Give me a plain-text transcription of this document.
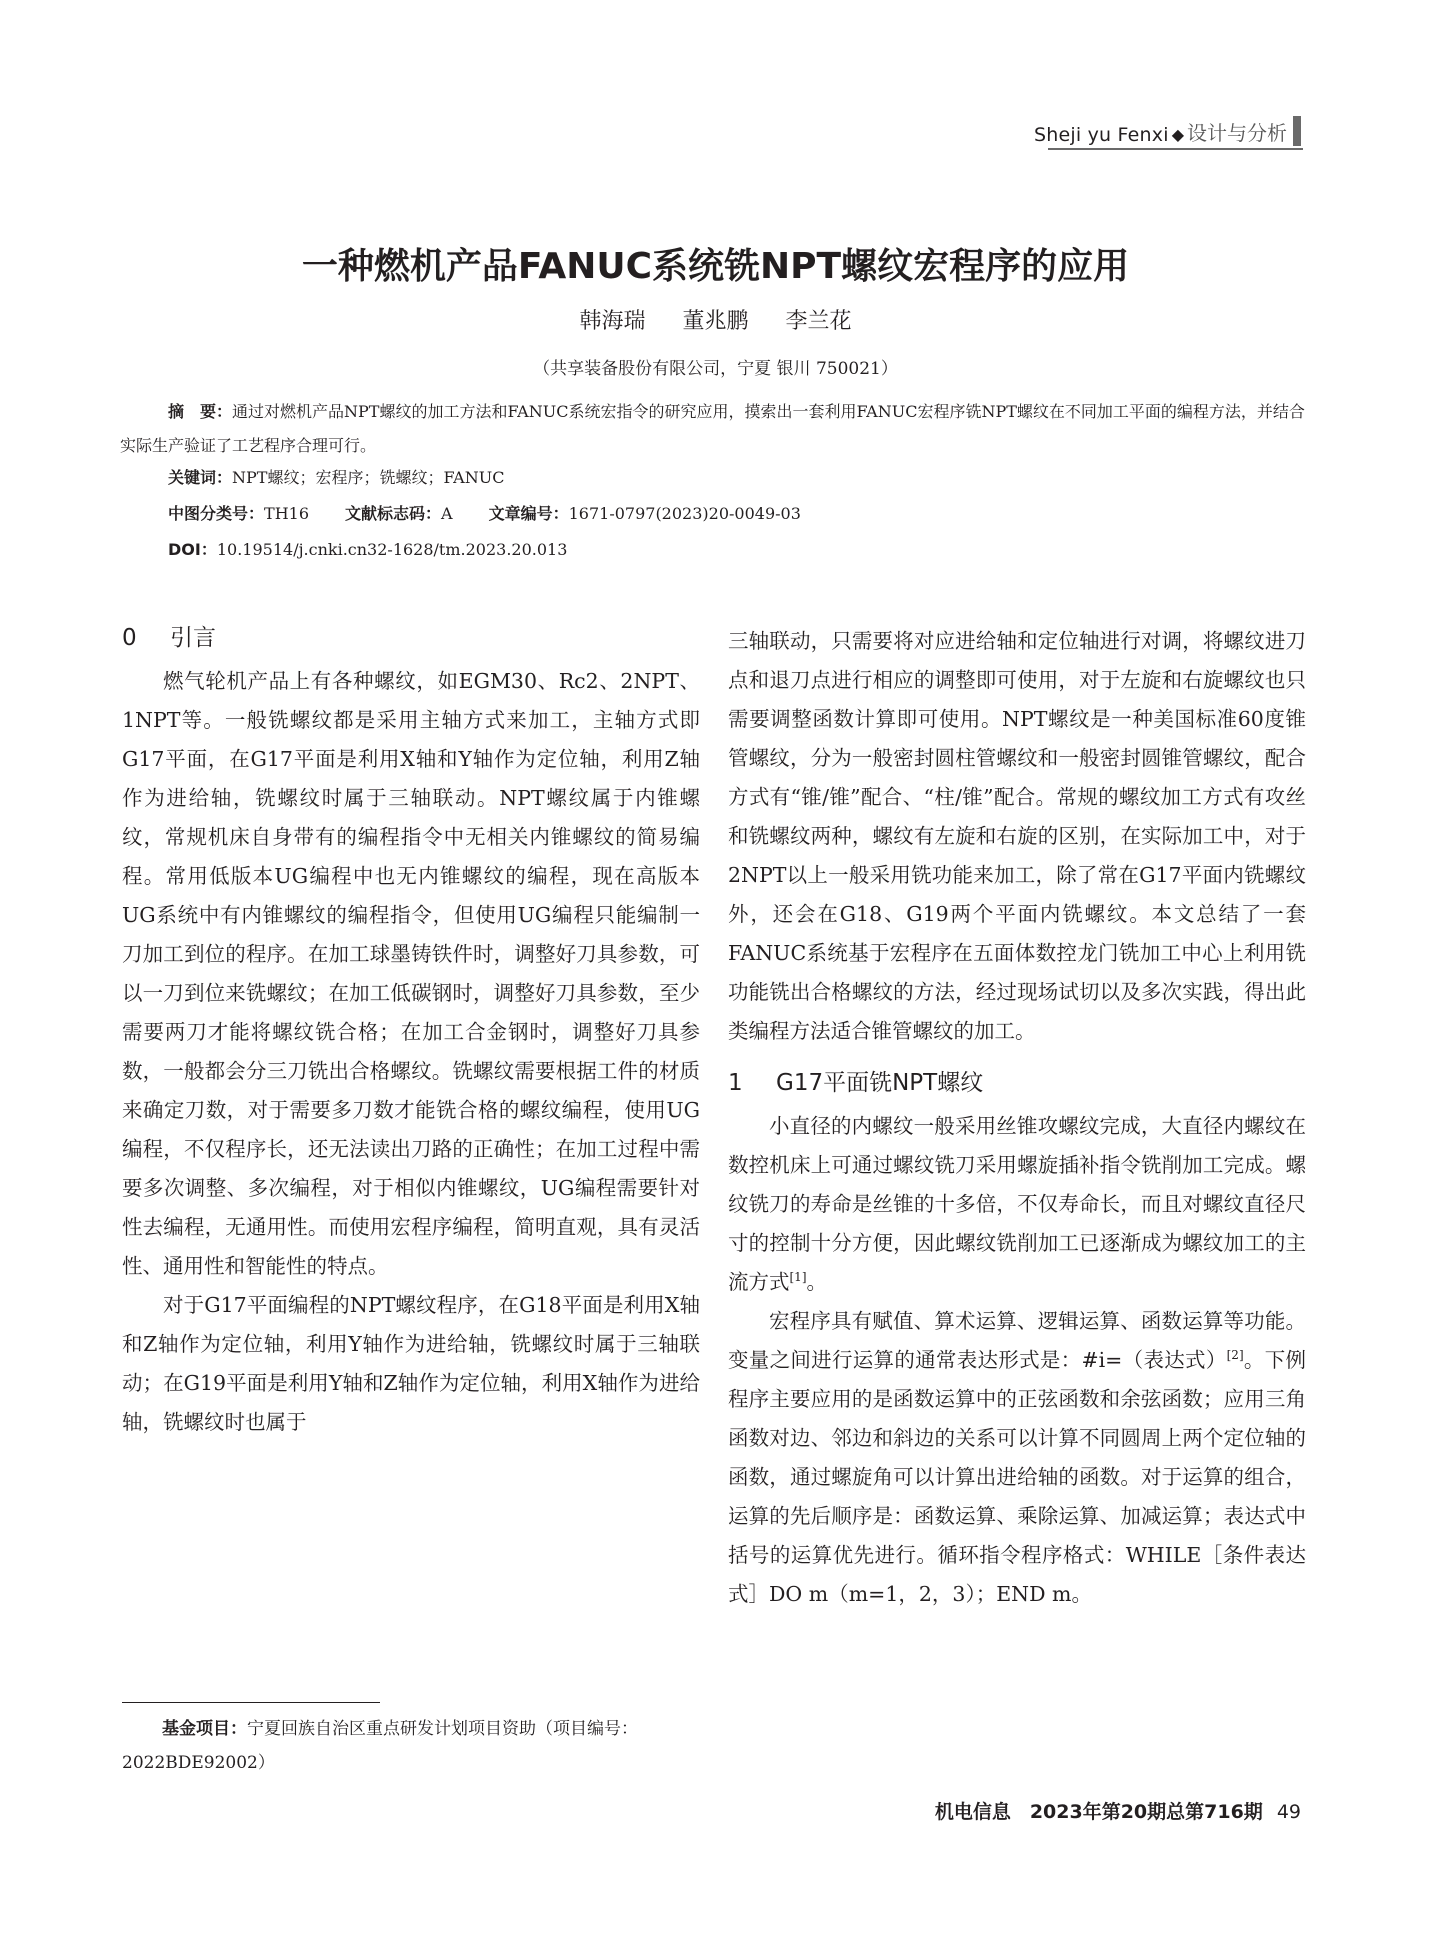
Sheji yu Fenxi ◆ 设计与分析
一种燃机产品FANUC系统铣NPT螺纹宏程序的应用
韩海瑞 董兆鹏 李兰花
（共享装备股份有限公司，宁夏 银川 750021）
摘　要：通过对燃机产品NPT螺纹的加工方法和FANUC系统宏指令的研究应用，摸索出一套利用FANUC宏程序铣NPT螺纹在不同加工平面的编程方法，并结合实际生产验证了工艺程序合理可行。
关键词：NPT螺纹；宏程序；铣螺纹；FANUC
中图分类号：TH16 文献标志码：A 文章编号：1671-0797(2023)20-0049-03
DOI：10.19514/j.cnki.cn32-1628/tm.2023.20.013
0 引言

燃气轮机产品上有各种螺纹，如EGM30、Rc2、2NPT、1NPT等。一般铣螺纹都是采用主轴方式来加工，主轴方式即G17平面，在G17平面是利用X轴和Y轴作为定位轴，利用Z轴作为进给轴，铣螺纹时属于三轴联动。NPT螺纹属于内锥螺纹，常规机床自身带有的编程指令中无相关内锥螺纹的简易编程。常用低版本UG编程中也无内锥螺纹的编程，现在高版本UG系统中有内锥螺纹的编程指令，但使用UG编程只能编制一刀加工到位的程序。在加工球墨铸铁件时，调整好刀具参数，可以一刀到位来铣螺纹；在加工低碳钢时，调整好刀具参数，至少需要两刀才能将螺纹铣合格；在加工合金钢时，调整好刀具参数，一般都会分三刀铣出合格螺纹。铣螺纹需要根据工件的材质来确定刀数，对于需要多刀数才能铣合格的螺纹编程，使用UG编程，不仅程序长，还无法读出刀路的正确性；在加工过程中需要多次调整、多次编程，对于相似内锥螺纹，UG编程需要针对性去编程，无通用性。而使用宏程序编程，简明直观，具有灵活性、通用性和智能性的特点。

对于G17平面编程的NPT螺纹程序，在G18平面是利用X轴和Z轴作为定位轴，利用Y轴作为进给轴，铣螺纹时属于三轴联动；在G19平面是利用Y轴和Z轴作为定位轴，利用X轴作为进给轴，铣螺纹时也属于

三轴联动，只需要将对应进给轴和定位轴进行对调，将螺纹进刀点和退刀点进行相应的调整即可使用，对于左旋和右旋螺纹也只需要调整函数计算即可使用。NPT螺纹是一种美国标准60度锥管螺纹，分为一般密封圆柱管螺纹和一般密封圆锥管螺纹，配合方式有“锥/锥”配合、“柱/锥”配合。常规的螺纹加工方式有攻丝和铣螺纹两种，螺纹有左旋和右旋的区别，在实际加工中，对于2NPT以上一般采用铣功能来加工，除了常在G17平面内铣螺纹外，还会在G18、G19两个平面内铣螺纹。本文总结了一套FANUC系统基于宏程序在五面体数控龙门铣加工中心上利用铣功能铣出合格螺纹的方法，经过现场试切以及多次实践，得出此类编程方法适合锥管螺纹的加工。

1 G17平面铣NPT螺纹

小直径的内螺纹一般采用丝锥攻螺纹完成，大直径内螺纹在数控机床上可通过螺纹铣刀采用螺旋插补指令铣削加工完成。螺纹铣刀的寿命是丝锥的十多倍，不仅寿命长，而且对螺纹直径尺寸的控制十分方便，因此螺纹铣削加工已逐渐成为螺纹加工的主流方式[1]。

宏程序具有赋值、算术运算、逻辑运算、函数运算等功能。变量之间进行运算的通常表达形式是：#i=（表达式）[2]。下例程序主要应用的是函数运算中的正弦函数和余弦函数；应用三角函数对边、邻边和斜边的关系可以计算不同圆周上两个定位轴的函数，通过螺旋角可以计算出进给轴的函数。对于运算的组合，运算的先后顺序是：函数运算、乘除运算、加减运算；表达式中括号的运算优先进行。循环指令程序格式：WHILE［条件表达式］DO m（m=1，2，3）；END m。

基金项目：宁夏回族自治区重点研发计划项目资助（项目编号：2022BDE92002）
机电信息　2023年第20期总第716期 49
